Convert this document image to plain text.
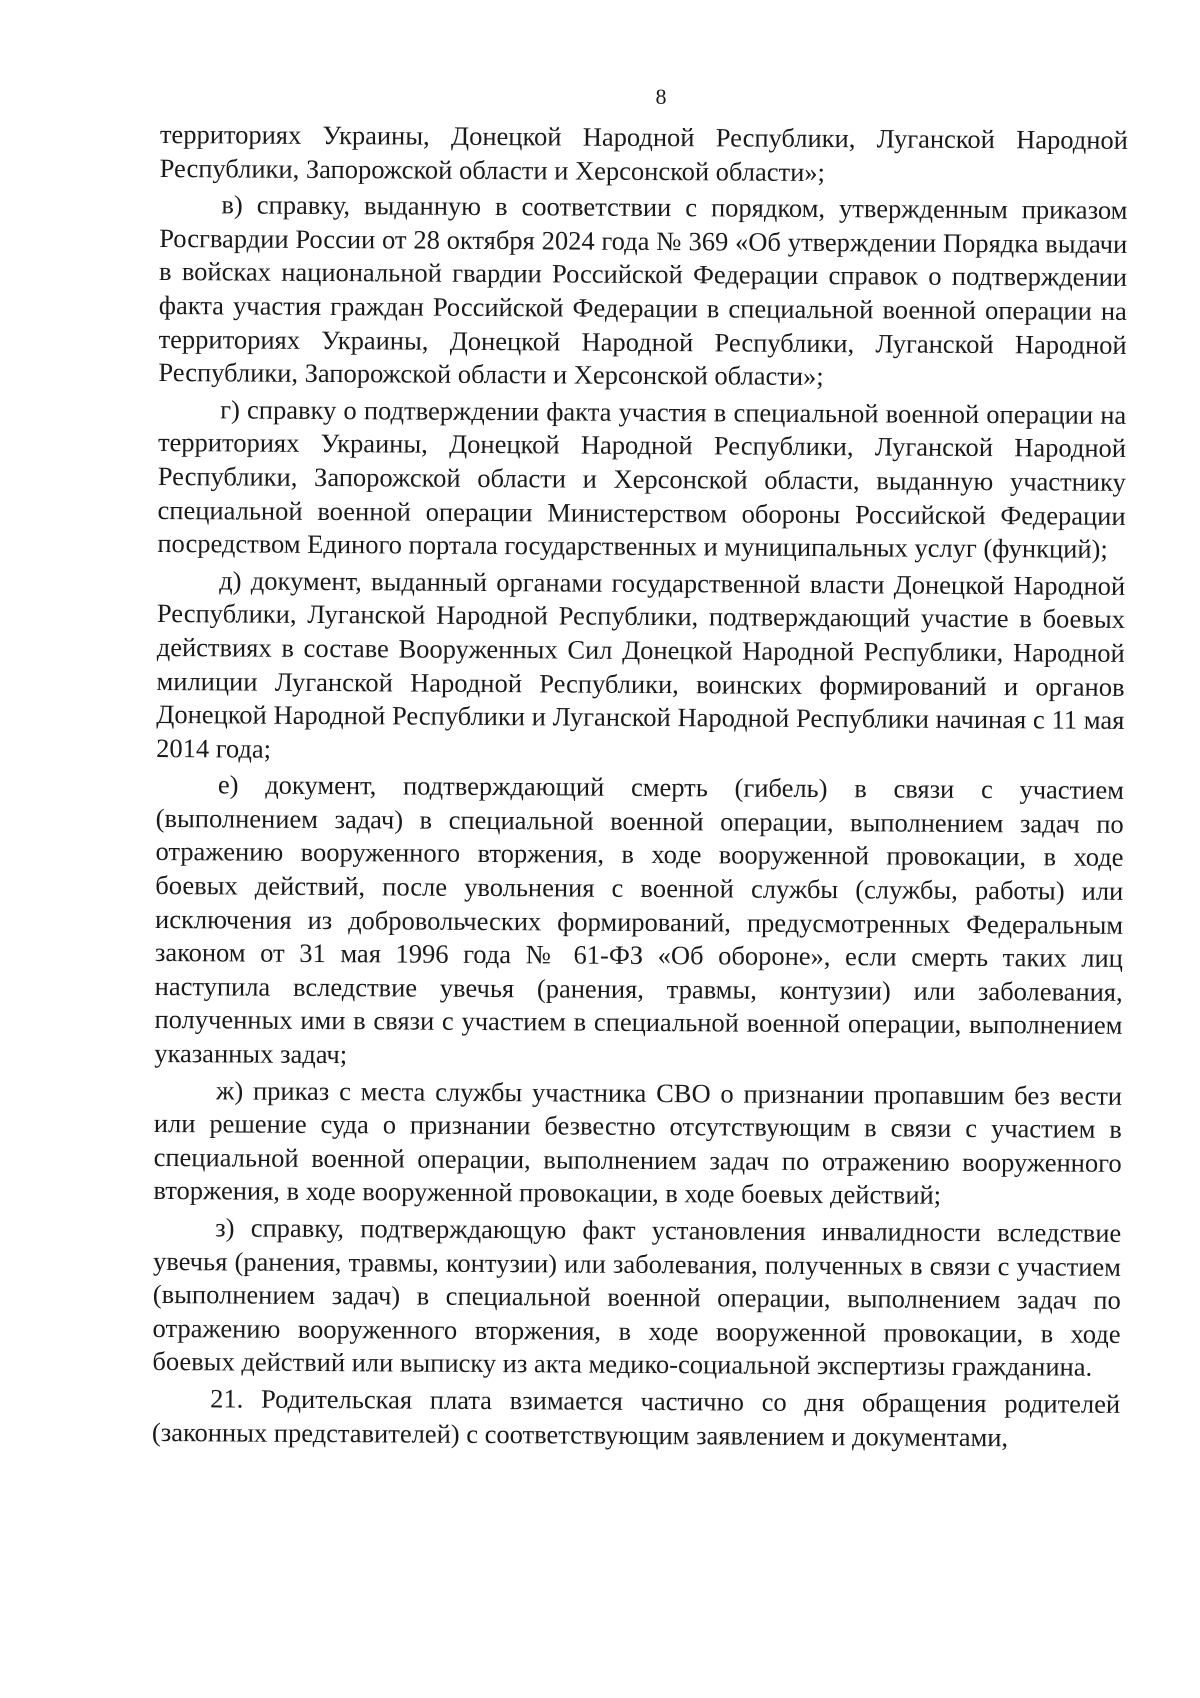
8

территориях Украины, Донецкой Народной Республики, Луганской Народной Республики, Запорожской области и Херсонской области»;

в) справку, выданную в соответствии с порядком, утвержденным приказом Росгвардии России от 28 октября 2024 года № 369 «Об утверждении Порядка выдачи в войсках национальной гвардии Российской Федерации справок о подтверждении факта участия граждан Российской Федерации в специальной военной операции на территориях Украины, Донецкой Народной Республики, Луганской Народной Республики, Запорожской области и Херсонской области»;

г) справку о подтверждении факта участия в специальной военной операции на территориях Украины, Донецкой Народной Республики, Луганской Народной Республики, Запорожской области и Херсонской области, выданную участнику специальной военной операции Министерством обороны Российской Федерации посредством Единого портала государственных и муниципальных услуг (функций);

д) документ, выданный органами государственной власти Донецкой Народной Республики, Луганской Народной Республики, подтверждающий участие в боевых действиях в составе Вооруженных Сил Донецкой Народной Республики, Народной милиции Луганской Народной Республики, воинских формирований и органов Донецкой Народной Республики и Луганской Народной Республики начиная с 11 мая 2014 года;

е) документ, подтверждающий смерть (гибель) в связи с участием (выполнением задач) в специальной военной операции, выполнением задач по отражению вооруженного вторжения, в ходе вооруженной провокации, в ходе боевых действий, после увольнения с военной службы (службы, работы) или исключения из добровольческих формирований, предусмотренных Федеральным законом от 31 мая 1996 года № 61-ФЗ «Об обороне», если смерть таких лиц наступила вследствие увечья (ранения, травмы, контузии) или заболевания, полученных ими в связи с участием в специальной военной операции, выполнением указанных задач;

ж) приказ с места службы участника СВО о признании пропавшим без вести или решение суда о признании безвестно отсутствующим в связи с участием в специальной военной операции, выполнением задач по отражению вооруженного вторжения, в ходе вооруженной провокации, в ходе боевых действий;

з) справку, подтверждающую факт установления инвалидности вследствие увечья (ранения, травмы, контузии) или заболевания, полученных в связи с участием (выполнением задач) в специальной военной операции, выполнением задач по отражению вооруженного вторжения, в ходе вооруженной провокации, в ходе боевых действий или выписку из акта медико-социальной экспертизы гражданина.

21. Родительская плата взимается частично со дня обращения родителей (законных представителей) с соответствующим заявлением и документами,
